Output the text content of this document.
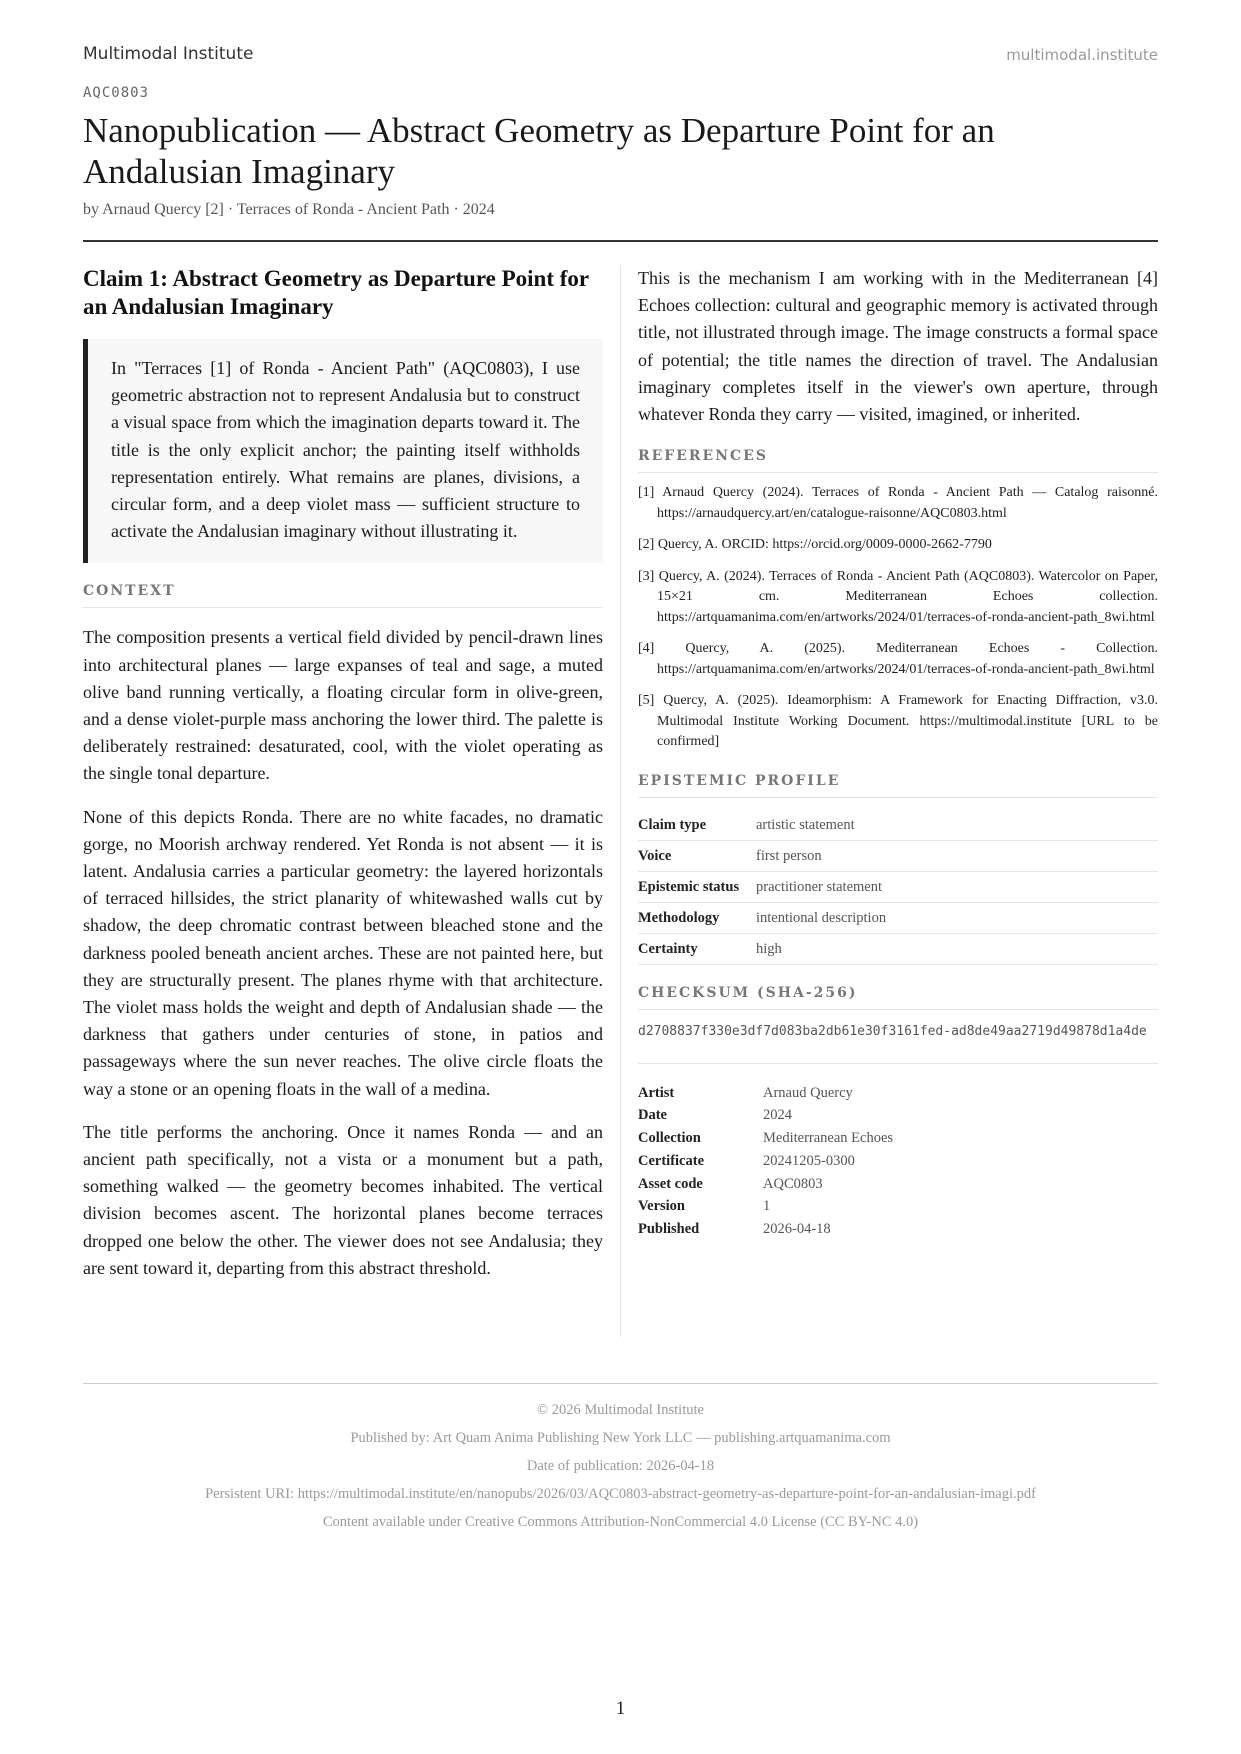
Multimodal Institute	multimodal.institute
AQC0803
Nanopublication — Abstract Geometry as Departure Point for an Andalusian Imaginary
by Arnaud Quercy [2] · Terraces of Ronda - Ancient Path · 2024
Claim 1: Abstract Geometry as Departure Point for an Andalusian Imaginary
In "Terraces [1] of Ronda - Ancient Path" (AQC0803), I use geometric abstraction not to represent Andalusia but to construct a visual space from which the imagination departs toward it. The title is the only explicit anchor; the painting itself withholds representation entirely. What remains are planes, divisions, a circular form, and a deep violet mass — sufficient structure to activate the Andalusian imaginary without illustrating it.
CONTEXT

The composition presents a vertical field divided by pencil-drawn lines into architectural planes — large expanses of teal and sage, a muted olive band running vertically, a floating circular form in olive-green, and a dense violet-purple mass anchoring the lower third. The palette is deliberately restrained: desaturated, cool, with the violet operating as the single tonal departure.

None of this depicts Ronda. There are no white facades, no dramatic gorge, no Moorish archway rendered. Yet Ronda is not absent — it is latent. Andalusia carries a particular geometry: the layered horizontals of terraced hillsides, the strict planarity of whitewashed walls cut by shadow, the deep chromatic contrast between bleached stone and the darkness pooled beneath ancient arches. These are not painted here, but they are structurally present. The planes rhyme with that architecture. The violet mass holds the weight and depth of Andalusian shade — the darkness that gathers under centuries of stone, in patios and passageways where the sun never reaches. The olive circle floats the way a stone or an opening floats in the wall of a medina.

The title performs the anchoring. Once it names Ronda — and an ancient path specifically, not a vista or a monument but a path, something walked — the geometry becomes inhabited. The vertical division becomes ascent. The horizontal planes become terraces dropped one below the other. The viewer does not see Andalusia; they are sent toward it, departing from this abstract threshold.

This is the mechanism I am working with in the Mediterranean [4] Echoes collection: cultural and geographic memory is activated through title, not illustrated through image. The image constructs a formal space of potential; the title names the direction of travel. The Andalusian imaginary completes itself in the viewer's own aperture, through whatever Ronda they carry — visited, imagined, or inherited.

REFERENCES
[1] Arnaud Quercy (2024). Terraces of Ronda - Ancient Path — Catalog raisonné. https://arnaudquercy.art/en/catalogue-raisonne/AQC0803.html
[2] Quercy, A. ORCID: https://orcid.org/0009-0000-2662-7790
[3] Quercy, A. (2024). Terraces of Ronda - Ancient Path (AQC0803). Watercolor on Paper, 15×21 cm. Mediterranean Echoes collection. https://artquamanima.com/en/artworks/2024/01/terraces-of-ronda-ancient-path_8wi.html
[4] Quercy, A. (2025). Mediterranean Echoes - Collection. https://artquamanima.com/en/artworks/2024/01/terraces-of-ronda-ancient-path_8wi.html
[5] Quercy, A. (2025). Ideamorphism: A Framework for Enacting Diffraction, v3.0. Multimodal Institute Working Document. https://multimodal.institute [URL to be confirmed]
EPISTEMIC PROFILE
Claim type	artistic statement
Voice	first person
Epistemic status	practitioner statement
Methodology	intentional description
Certainty	high
CHECKSUM (SHA-256)
d2708837f330e3df7d083ba2db61e30f3161fed-ad8de49aa2719d49878d1a4de
Artist	Arnaud Quercy
Date	2024
Collection	Mediterranean Echoes
Certificate	20241205-0300
Asset code	AQC0803
Version	1
Published	2026-04-18
© 2026 Multimodal Institute
Published by: Art Quam Anima Publishing New York LLC — publishing.artquamanima.com
Date of publication: 2026-04-18
Persistent URI: https://multimodal.institute/en/nanopubs/2026/03/AQC0803-abstract-geometry-as-departure-point-for-an-andalusian-imagi.pdf
Content available under Creative Commons Attribution-NonCommercial 4.0 License (CC BY-NC 4.0)
1
